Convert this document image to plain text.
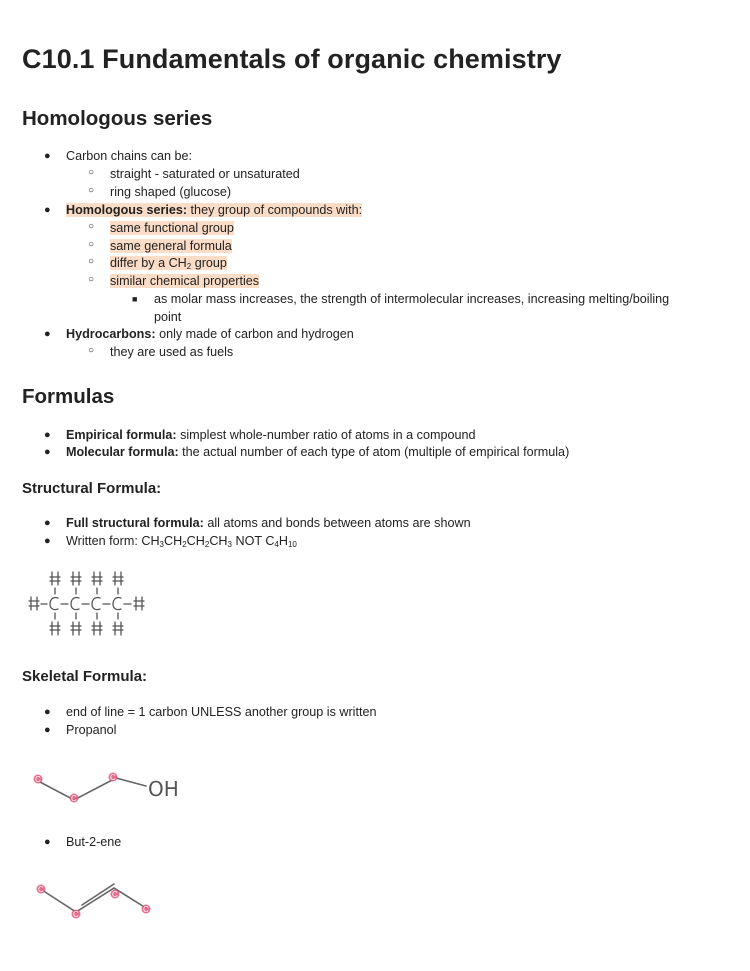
C10.1 Fundamentals of organic chemistry
Homologous series
● Carbon chains can be:
○ straight - saturated or unsaturated
○ ring shaped (glucose)
● Homologous series: they group of compounds with:
○ same functional group
○ same general formula
○ differ by a $CH_2$ group
○ similar chemical properties
■ as molar mass increases, the strength of intermolecular increases, increasing melting/boiling
point
● Hydrocarbons: only made of carbon and hydrogen
○ they are used as fuels
Formulas
● Empirical formula: simplest whole-number ratio of atoms in a compound
● Molecular formula: the actual number of each type of atom (multiple of empirical formula)
Structural Formula:
● Full structural formula: all atoms and bonds between atoms are shown
● Written form: $CH_3CH_2CH_2CH_3$ NOT $C_4H_{10}$
Skeletal Formula:
● end of line = 1 carbon UNLESS another group is written
● Propanol
C
C
C OH
● But-2-ene
C
C
C
C
